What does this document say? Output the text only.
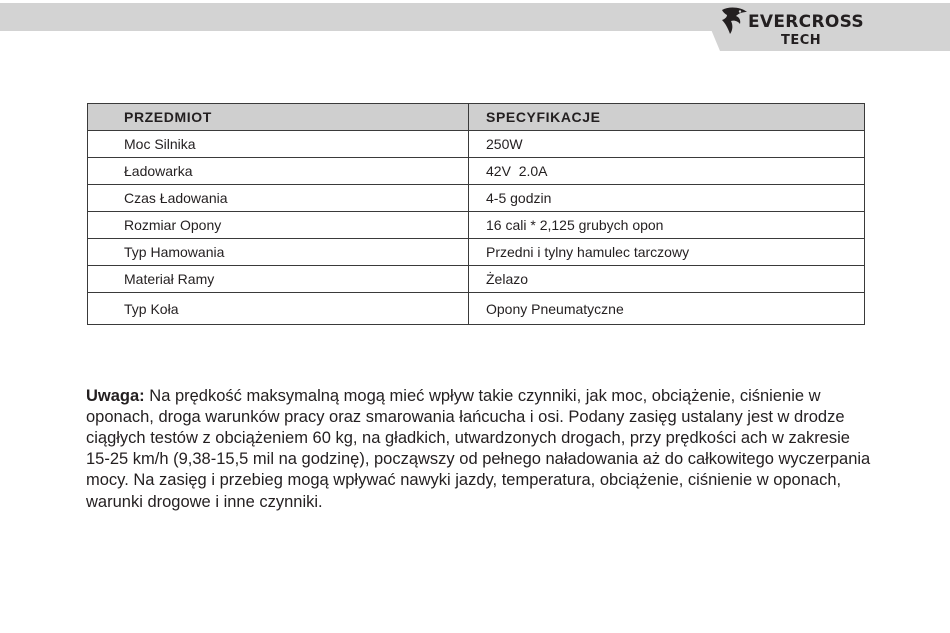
EVERCROSS
TECH
PRZEDMIOT	SPECYFIKACJE
Moc Silnika	250W
Ładowarka	42V  2.0A
Czas Ładowania	4-5 godzin
Rozmiar Opony	16 cali * 2,125 grubych opon
Typ Hamowania	Przedni i tylny hamulec tarczowy
Materiał Ramy	Żelazo
Typ Koła	Opony Pneumatyczne

Uwaga: Na prędkość maksymalną mogą mieć wpływ takie czynniki, jak moc, obciążenie, ciśnienie w oponach, droga warunków pracy oraz smarowania łańcucha i osi. Podany zasięg ustalany jest w drodze ciągłych testów z obciążeniem 60 kg, na gładkich, utwardzonych drogach, przy prędkości ach w zakresie 15-25 km/h (9,38-15,5 mil na godzinę), począwszy od pełnego naładowania aż do całkowitego wyczerpania mocy. Na zasięg i przebieg mogą wpływać nawyki jazdy, temperatura, obciążenie, ciśnienie w oponach, warunki drogowe i inne czynniki.
